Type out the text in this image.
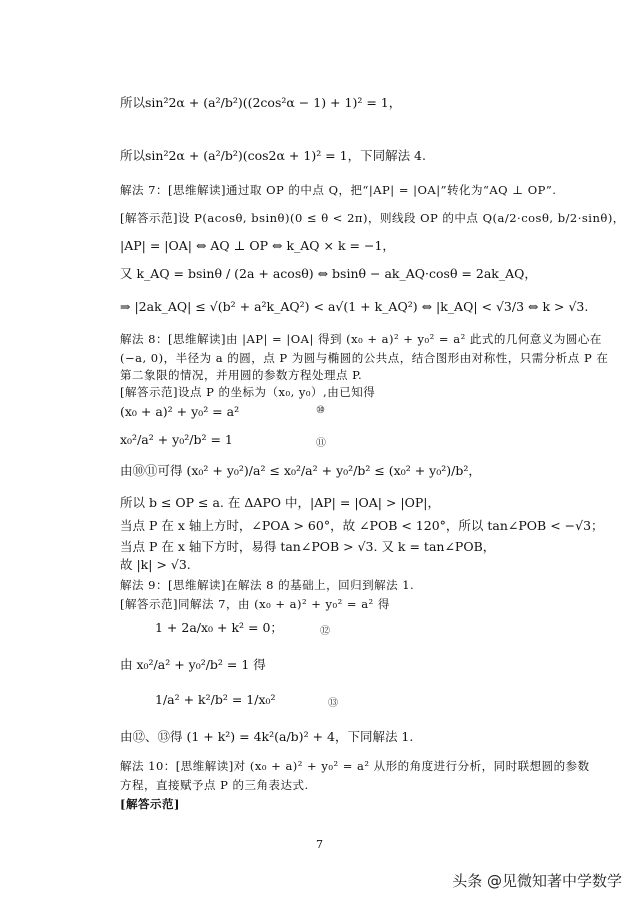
所以sin²2α + (a²/b²)((2cos²α − 1) + 1)² = 1，
所以sin²2α + (a²/b²)(cos2α + 1)² = 1，下同解法 4.
解法 7：[思维解读]通过取 OP 的中点 Q，把“|AP| = |OA|”转化为“AQ ⊥ OP”.
[解答示范]设 P(acosθ, bsinθ)(0 ≤ θ < 2π)，则线段 OP 的中点 Q(a/2·cosθ, b/2·sinθ)，
|AP| = |OA| ⇔ AQ ⊥ OP ⇔ k_AQ × k = −1，
又 k_AQ = bsinθ / (2a + acosθ) ⇔ bsinθ − ak_AQ·cosθ = 2ak_AQ，
⇒ |2ak_AQ| ≤ √(b² + a²k_AQ²) < a√(1 + k_AQ²) ⇔ |k_AQ| < √3/3 ⇔ k > √3.
解法 8：[思维解读]由 |AP| = |OA| 得到 (x₀ + a)² + y₀² = a² 此式的几何意义为圆心在
(−a, 0)，半径为 a 的圆，点 P 为圆与椭圆的公共点，结合图形由对称性，只需分析点 P 在
第二象限的情况，并用圆的参数方程处理点 P.
[解答示范]设点 P 的坐标为（x₀, y₀）,由已知得
(x₀ + a)² + y₀² = a²	⑩
x₀²/a² + y₀²/b² = 1	⑪
由⑩⑪可得 (x₀² + y₀²)/a² ≤ x₀²/a² + y₀²/b² ≤ (x₀² + y₀²)/b²，
所以 b ≤ OP ≤ a. 在 ΔAPO 中，|AP| = |OA| > |OP|，
当点 P 在 x 轴上方时，∠POA > 60°，故 ∠POB < 120°，所以 tan∠POB < −√3；
当点 P 在 x 轴下方时，易得 tan∠POB > √3. 又 k = tan∠POB，
故 |k| > √3.
解法 9：[思维解读]在解法 8 的基础上，回归到解法 1.
[解答示范]同解法 7，由 (x₀ + a)² + y₀² = a² 得
1 + 2a/x₀ + k² = 0；	⑫
由 x₀²/a² + y₀²/b² = 1 得
1/a² + k²/b² = 1/x₀²	⑬
由⑫、⑬得 (1 + k²) = 4k²(a/b)² + 4，下同解法 1.
解法 10：[思维解读]对 (x₀ + a)² + y₀² = a² 从形的角度进行分析，同时联想圆的参数
方程，直接赋予点 P 的三角表达式.
[解答示范]
7
头条 @见微知著中学数学
